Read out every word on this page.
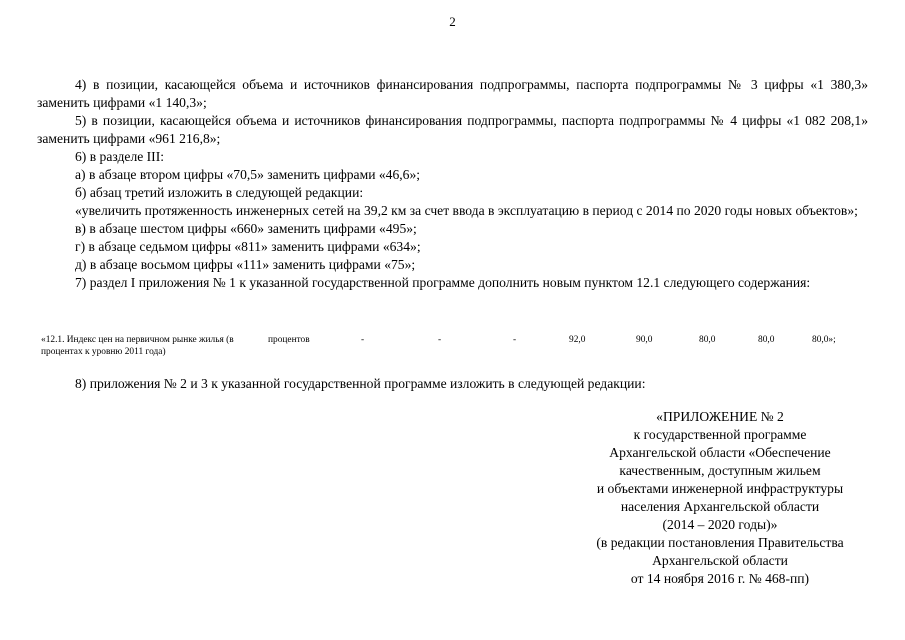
2

4) в позиции, касающейся объема и источников финансирования подпрограммы, паспорта подпрограммы № 3 цифры «1 380,3» заменить цифрами «1 140,3»;

5) в позиции, касающейся объема и источников финансирования подпрограммы, паспорта подпрограммы № 4 цифры «1 082 208,1» заменить цифрами «961 216,8»;

6) в разделе III:

а) в абзаце втором цифры «70,5» заменить цифрами «46,6»;

б) абзац третий изложить в следующей редакции:

«увеличить протяженность инженерных сетей на 39,2 км за счет ввода в эксплуатацию в период с 2014 по 2020 годы новых объектов»;

в) в абзаце шестом цифры «660» заменить цифрами «495»;

г) в абзаце седьмом цифры «811» заменить цифрами «634»;

д) в абзаце восьмом цифры «111» заменить цифрами «75»;

7) раздел I приложения № 1 к указанной государственной программе дополнить новым пунктом 12.1 следующего содержания:

«12.1. Индекс цен на первичном рынке жилья (в процентах к уровню 2011 года)
процентов	-	-	-	92,0	90,0	80,0	80,0	80,0»;

8) приложения № 2 и 3 к указанной государственной программе изложить в следующей редакции:

«ПРИЛОЖЕНИЕ № 2
к государственной программе
Архангельской области «Обеспечение
качественным, доступным жильем
и объектами инженерной инфраструктуры
населения Архангельской области
(2014 – 2020 годы)»
(в редакции постановления Правительства
Архангельской области
от 14 ноября 2016 г. № 468-пп)
